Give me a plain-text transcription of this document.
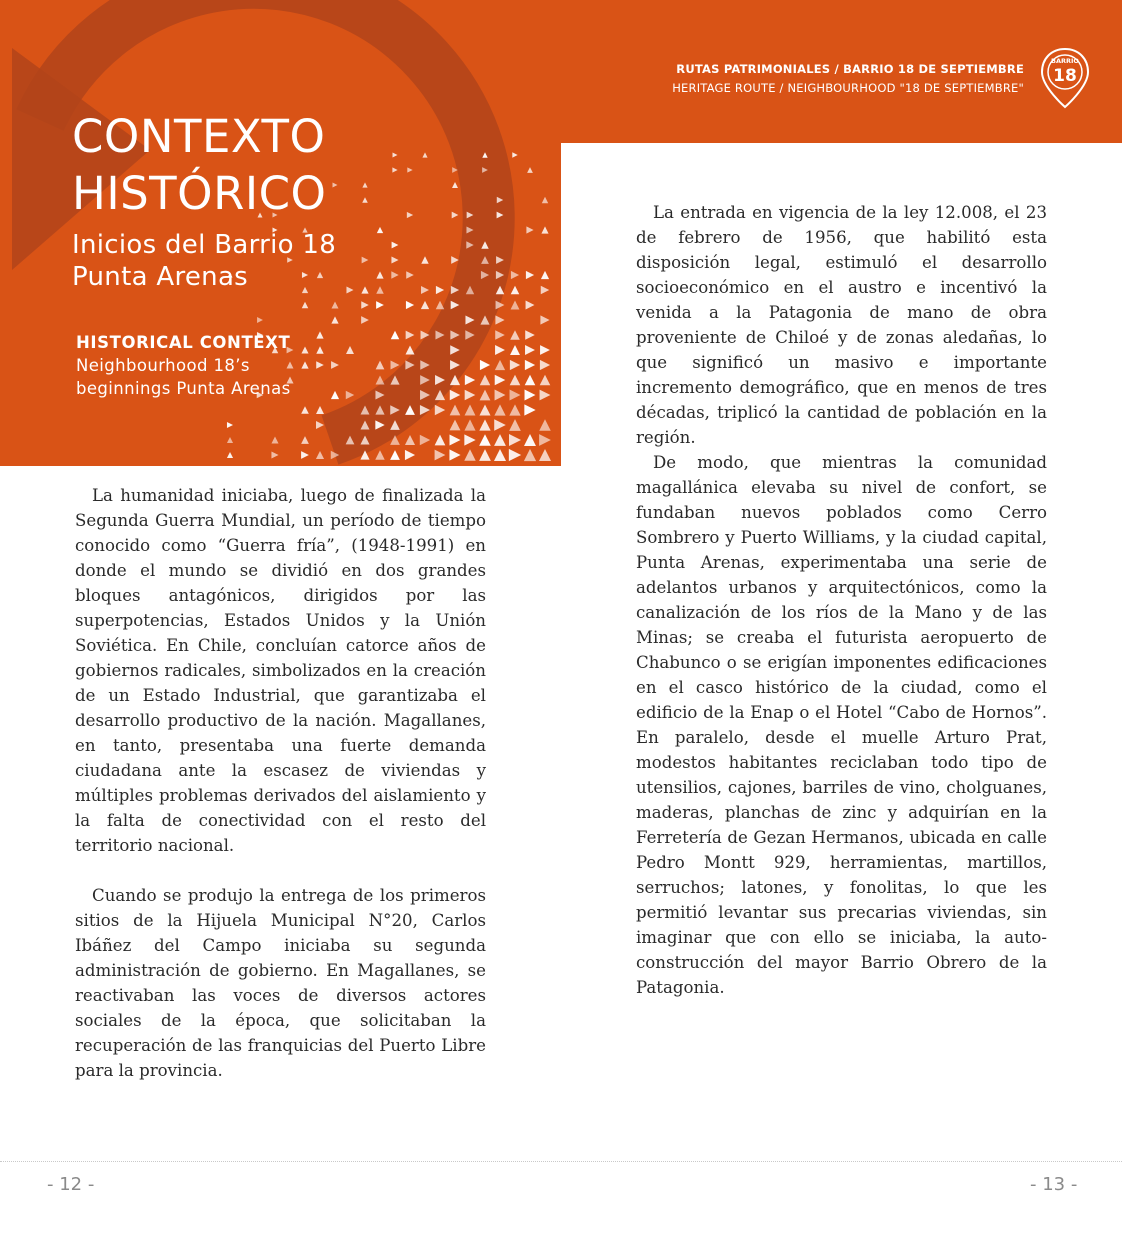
RUTAS PATRIMONIALES / BARRIO 18 DE SEPTIEMBRE
HERITAGE ROUTE / NEIGHBOURHOOD "18 DE SEPTIEMBRE"
BARRIO
18
CONTEXTO
HISTÓRICO
Inicios del Barrio 18
Punta Arenas
HISTORICAL CONTEXT
Neighbourhood 18’s
beginnings Punta Arenas

La humanidad iniciaba, luego de finalizada la Segunda Guerra Mundial, un período de tiempo conocido como “Guerra fría”, (1948-1991) en donde el mundo se dividió en dos grandes bloques antagónicos, dirigidos por las superpotencias, Estados Unidos y la Unión Soviética. En Chile, concluían catorce años de gobiernos radicales, simbolizados en la creación de un Estado Industrial, que garantizaba el desarrollo productivo de la nación. Magallanes, en tanto, presentaba una fuerte demanda ciudadana ante la escasez de viviendas y múltiples problemas derivados del aislamiento y la falta de conectividad con el resto del territorio nacional.

Cuando se produjo la entrega de los primeros sitios de la Hijuela Municipal N°20, Carlos Ibáñez del Campo iniciaba su segunda administración de gobierno. En Magallanes, se reactivaban las voces de diversos actores sociales de la época, que solicitaban la recuperación de las franquicias del Puerto Libre para la provincia.

La entrada en vigencia de la ley 12.008, el 23 de febrero de 1956, que habilitó esta disposición legal, estimuló el desarrollo socioeconómico en el austro e incentivó la venida a la Patagonia de mano de obra proveniente de Chiloé y de zonas aledañas, lo que significó un masivo e importante incremento demográfico, que en menos de tres décadas, triplicó la cantidad de población en la región.

De modo, que mientras la comunidad magallánica elevaba su nivel de confort, se fundaban nuevos poblados como Cerro Sombrero y Puerto Williams, y la ciudad capital, Punta Arenas, experimentaba una serie de adelantos urbanos y arquitectónicos, como la canalización de los ríos de la Mano y de las Minas; se creaba el futurista aeropuerto de Chabunco o se erigían imponentes edificaciones en el casco histórico de la ciudad, como el edificio de la Enap o el Hotel “Cabo de Hornos”. En paralelo, desde el muelle Arturo Prat, modestos habitantes reciclaban todo tipo de utensilios, cajones, barriles de vino, cholguanes, maderas, planchas de zinc y adquirían en la Ferretería de Gezan Hermanos, ubicada en calle Pedro Montt 929, herramientas, martillos, serruchos; latones, y fonolitas, lo que les permitió levantar sus precarias viviendas, sin imaginar que con ello se iniciaba, la auto-construcción del mayor Barrio Obrero de la Patagonia.

- 12 -	- 13 -
